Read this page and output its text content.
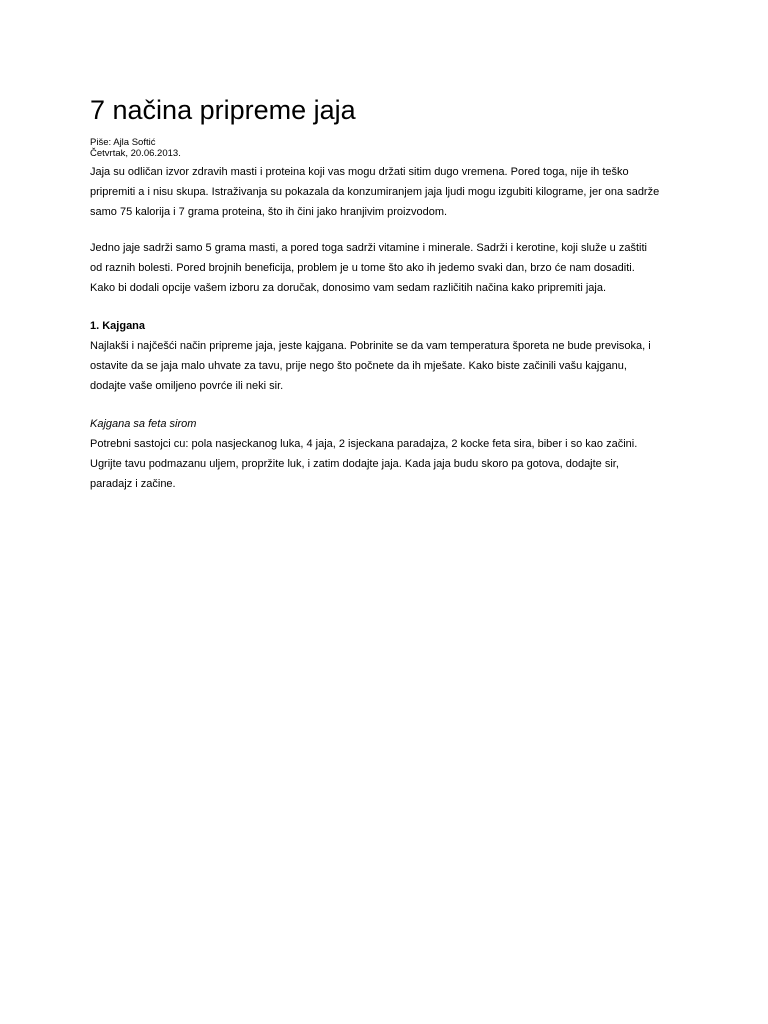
7 načina pripreme jaja
Piše: Ajla Softić
Četvrtak, 20.06.2013.

Jaja su odličan izvor zdravih masti i proteina koji vas mogu držati sitim dugo vremena. Pored toga, nije ih teško

pripremiti a i nisu skupa. Istraživanja su pokazala da konzumiranjem jaja ljudi mogu izgubiti kilograme, jer ona sadrže

samo 75 kalorija i 7 grama proteina, što ih čini jako hranjivim proizvodom.

Jedno jaje sadrži samo 5 grama masti, a pored toga sadrži vitamine i minerale. Sadrži i kerotine, koji služe u zaštiti

od raznih bolesti. Pored brojnih beneficija, problem je u tome što ako ih jedemo svaki dan, brzo će nam dosaditi.

Kako bi dodali opcije vašem izboru za doručak, donosimo vam sedam različitih načina kako pripremiti jaja.

1. Kajgana

Najlakši i najčešći način pripreme jaja, jeste kajgana. Pobrinite se da vam temperatura šporeta ne bude previsoka, i

ostavite da se jaja malo uhvate za tavu, prije nego što počnete da ih mješate. Kako biste začinili vašu kajganu,

dodajte vaše omiljeno povrće ili neki sir.

Kajgana sa feta sirom

Potrebni sastojci cu: pola nasjeckanog luka, 4 jaja, 2 isjeckana paradajza, 2 kocke feta sira, biber i so kao začini.

Ugrijte tavu podmazanu uljem, propržite luk, i zatim dodajte jaja. Kada jaja budu skoro pa gotova, dodajte sir,

paradajz i začine.
